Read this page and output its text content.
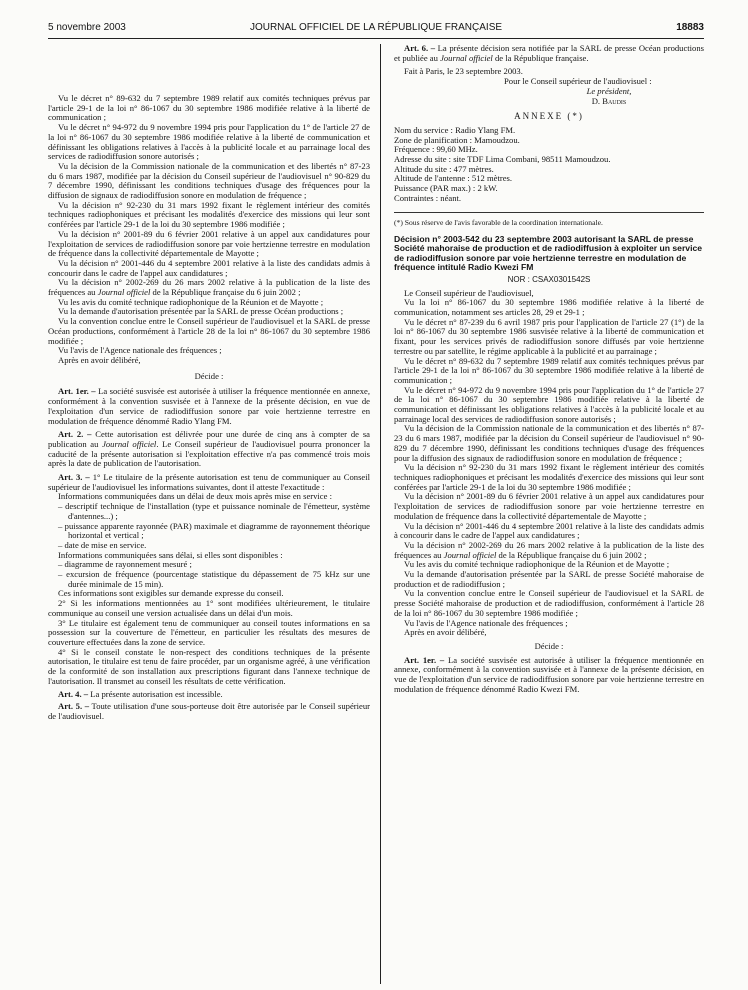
5 novembre 2003	JOURNAL OFFICIEL DE LA RÉPUBLIQUE FRANÇAISE	18883

Vu le décret n° 89-632 du 7 septembre 1989 relatif aux comités techniques prévus par l'article 29-1 de la loi n° 86-1067 du 30 septembre 1986 modifiée relative à la liberté de communication ;

Vu le décret n° 94-972 du 9 novembre 1994 pris pour l'application du 1° de l'article 27 de la loi n° 86-1067 du 30 septembre 1986 modifiée relative à la liberté de communication et définissant les obligations relatives à l'accès à la publicité locale et au parrainage local des services de radiodiffusion sonore autorisés ;

Vu la décision de la Commission nationale de la communication et des libertés n° 87-23 du 6 mars 1987, modifiée par la décision du Conseil supérieur de l'audiovisuel n° 90-829 du 7 décembre 1990, définissant les conditions techniques d'usage des fréquences pour la diffusion de signaux de radiodiffusion sonore en modulation de fréquence ;

Vu la décision n° 92-230 du 31 mars 1992 fixant le règlement intérieur des comités techniques radiophoniques et précisant les modalités d'exercice des missions qui leur sont conférées par l'article 29-1 de la loi du 30 septembre 1986 modifiée ;

Vu la décision n° 2001-89 du 6 février 2001 relative à un appel aux candidatures pour l'exploitation de services de radiodiffusion sonore par voie hertzienne terrestre en modulation de fréquence dans la collectivité départementale de Mayotte ;

Vu la décision n° 2001-446 du 4 septembre 2001 relative à la liste des candidats admis à concourir dans le cadre de l'appel aux candidatures ;

Vu la décision n° 2002-269 du 26 mars 2002 relative à la publication de la liste des fréquences au Journal officiel de la République française du 6 juin 2002 ;

Vu les avis du comité technique radiophonique de la Réunion et de Mayotte ;

Vu la demande d'autorisation présentée par la SARL de presse Océan productions ;

Vu la convention conclue entre le Conseil supérieur de l'audiovisuel et la SARL de presse Océan productions, conformément à l'article 28 de la loi n° 86-1067 du 30 septembre 1986 modifiée ;

Vu l'avis de l'Agence nationale des fréquences ;

Après en avoir délibéré,

Décide :

Art. 1er. – La société susvisée est autorisée à utiliser la fréquence mentionnée en annexe, conformément à la convention susvisée et à l'annexe de la présente décision, en vue de l'exploitation d'un service de radiodiffusion sonore par voie hertzienne terrestre en modulation de fréquence dénommé Radio Ylang FM.

Art. 2. – Cette autorisation est délivrée pour une durée de cinq ans à compter de sa publication au Journal officiel. Le Conseil supérieur de l'audiovisuel pourra prononcer la caducité de la présente autorisation si l'exploitation effective n'a pas commencé trois mois après la date de publication de l'autorisation.

Art. 3. – 1° Le titulaire de la présente autorisation est tenu de communiquer au Conseil supérieur de l'audiovisuel les informations suivantes, dont il atteste l'exactitude :

Informations communiquées dans un délai de deux mois après mise en service :

– descriptif technique de l'installation (type et puissance nominale de l'émetteur, système d'antennes...) ;

– puissance apparente rayonnée (PAR) maximale et diagramme de rayonnement théorique horizontal et vertical ;

– date de mise en service.

Informations communiquées sans délai, si elles sont disponibles :

– diagramme de rayonnement mesuré ;

– excursion de fréquence (pourcentage statistique du dépassement de 75 kHz sur une durée minimale de 15 min).

Ces informations sont exigibles sur demande expresse du conseil.

2° Si les informations mentionnées au 1° sont modifiées ultérieurement, le titulaire communique au conseil une version actualisée dans un délai d'un mois.

3° Le titulaire est également tenu de communiquer au conseil toutes informations en sa possession sur la couverture de l'émetteur, en particulier les résultats des mesures de couverture effectuées dans la zone de service.

4° Si le conseil constate le non-respect des conditions techniques de la présente autorisation, le titulaire est tenu de faire procéder, par un organisme agréé, à une vérification de la conformité de son installation aux prescriptions figurant dans l'annexe technique de l'autorisation. Il transmet au conseil les résultats de cette vérification.

Art. 4. – La présente autorisation est incessible.

Art. 5. – Toute utilisation d'une sous-porteuse doit être autorisée par le Conseil supérieur de l'audiovisuel.

Art. 6. – La présente décision sera notifiée par la SARL de presse Océan productions et publiée au Journal officiel de la République française.

Fait à Paris, le 23 septembre 2003.

Pour le Conseil supérieur de l'audiovisuel :

Le président,

D. Baudis

ANNEXE (*)

Nom du service : Radio Ylang FM.

Zone de planification : Mamoudzou.

Fréquence : 99,60 MHz.

Adresse du site : site TDF Lima Combani, 98511 Mamoudzou.

Altitude du site : 477 mètres.

Altitude de l'antenne : 512 mètres.

Puissance (PAR max.) : 2 kW.

Contraintes : néant.

(*) Sous réserve de l'avis favorable de la coordination internationale.

Décision n° 2003-542 du 23 septembre 2003 autorisant la SARL de presse Société mahoraise de production et de radiodiffusion à exploiter un service de radiodiffusion sonore par voie hertzienne terrestre en modulation de fréquence intitulé Radio Kwezi FM

NOR : CSAX0301542S

Le Conseil supérieur de l'audiovisuel,

Vu la loi n° 86-1067 du 30 septembre 1986 modifiée relative à la liberté de communication, notamment ses articles 28, 29 et 29-1 ;

Vu le décret n° 87-239 du 6 avril 1987 pris pour l'application de l'article 27 (1°) de la loi n° 86-1067 du 30 septembre 1986 susvisée relative à la liberté de communication et fixant, pour les services privés de radiodiffusion sonore diffusés par voie hertzienne terrestre ou par satellite, le régime applicable à la publicité et au parrainage ;

Vu le décret n° 89-632 du 7 septembre 1989 relatif aux comités techniques prévus par l'article 29-1 de la loi n° 86-1067 du 30 septembre 1986 modifiée relative à la liberté de communication ;

Vu le décret n° 94-972 du 9 novembre 1994 pris pour l'application du 1° de l'article 27 de la loi n° 86-1067 du 30 septembre 1986 modifiée relative à la liberté de communication et définissant les obligations relatives à l'accès à la publicité locale et au parrainage local des services de radiodiffusion sonore autorisés ;

Vu la décision de la Commission nationale de la communication et des libertés n° 87-23 du 6 mars 1987, modifiée par la décision du Conseil supérieur de l'audiovisuel n° 90-829 du 7 décembre 1990, définissant les conditions techniques d'usage des fréquences pour la diffusion des signaux de radiodiffusion sonore en modulation de fréquence ;

Vu la décision n° 92-230 du 31 mars 1992 fixant le règlement intérieur des comités techniques radiophoniques et précisant les modalités d'exercice des missions qui leur sont conférées par l'article 29-1 de la loi du 30 septembre 1986 modifiée ;

Vu la décision n° 2001-89 du 6 février 2001 relative à un appel aux candidatures pour l'exploitation de services de radiodiffusion sonore par voie hertzienne terrestre en modulation de fréquence dans la collectivité départementale de Mayotte ;

Vu la décision n° 2001-446 du 4 septembre 2001 relative à la liste des candidats admis à concourir dans le cadre de l'appel aux candidatures ;

Vu la décision n° 2002-269 du 26 mars 2002 relative à la publication de la liste des fréquences au Journal officiel de la République française du 6 juin 2002 ;

Vu les avis du comité technique radiophonique de la Réunion et de Mayotte ;

Vu la demande d'autorisation présentée par la SARL de presse Société mahoraise de production et de radiodiffusion ;

Vu la convention conclue entre le Conseil supérieur de l'audiovisuel et la SARL de presse Société mahoraise de production et de radiodiffusion, conformément à l'article 28 de la loi n° 86-1067 du 30 septembre 1986 modifiée ;

Vu l'avis de l'Agence nationale des fréquences ;

Après en avoir délibéré,

Décide :

Art. 1er. – La société susvisée est autorisée à utiliser la fréquence mentionnée en annexe, conformément à la convention susvisée et à l'annexe de la présente décision, en vue de l'exploitation d'un service de radiodiffusion sonore par voie hertzienne terrestre en modulation de fréquence dénommé Radio Kwezi FM.
